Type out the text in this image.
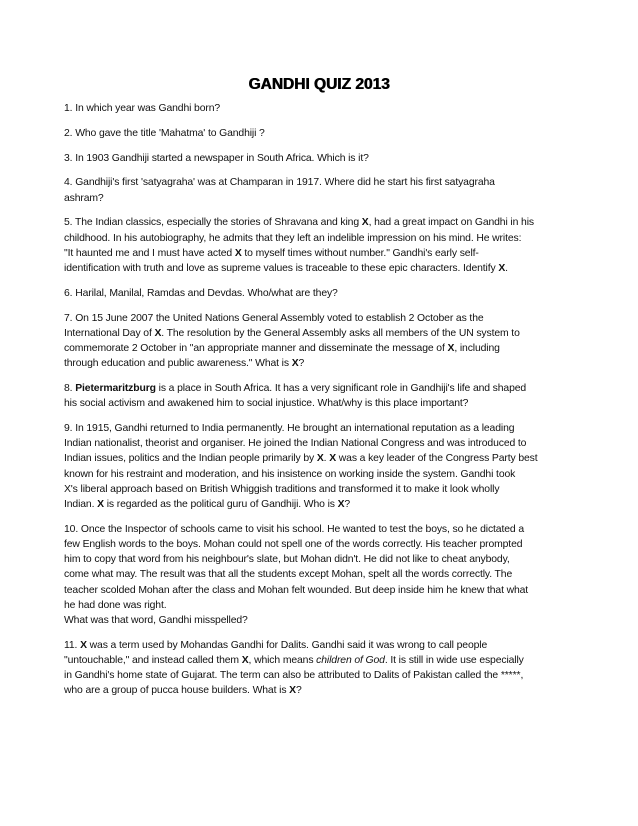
GANDHI QUIZ 2013
1. In which year was Gandhi born?
2. Who gave the title 'Mahatma' to Gandhiji ?
3. In 1903 Gandhiji started a newspaper in South Africa. Which is it?
4. Gandhiji's first 'satyagraha' was at Champaran in 1917. Where did he start his first satyagraha
ashram?
5. The Indian classics, especially the stories of Shravana and king X, had a great impact on Gandhi in his
childhood. In his autobiography, he admits that they left an indelible impression on his mind. He writes:
"It haunted me and I must have acted X to myself times without number." Gandhi's early self-
identification with truth and love as supreme values is traceable to these epic characters. Identify X.
6. Harilal, Manilal, Ramdas and Devdas. Who/what are they?
7. On 15 June 2007 the United Nations General Assembly voted to establish 2 October as the
International Day of X. The resolution by the General Assembly asks all members of the UN system to
commemorate 2 October in "an appropriate manner and disseminate the message of X, including
through education and public awareness." What is X?
8. Pietermaritzburg is a place in South Africa. It has a very significant role in Gandhiji's life and shaped
his social activism and awakened him to social injustice. What/why is this place important?
9. In 1915, Gandhi returned to India permanently. He brought an international reputation as a leading
Indian nationalist, theorist and organiser. He joined the Indian National Congress and was introduced to
Indian issues, politics and the Indian people primarily by X. X was a key leader of the Congress Party best
known for his restraint and moderation, and his insistence on working inside the system. Gandhi took
X's liberal approach based on British Whiggish traditions and transformed it to make it look wholly
Indian. X is regarded as the political guru of Gandhiji. Who is X?
10. Once the Inspector of schools came to visit his school. He wanted to test the boys, so he dictated a
few English words to the boys. Mohan could not spell one of the words correctly. His teacher prompted
him to copy that word from his neighbour's slate, but Mohan didn't. He did not like to cheat anybody,
come what may. The result was that all the students except Mohan, spelt all the words correctly. The
teacher scolded Mohan after the class and Mohan felt wounded. But deep inside him he knew that what
he had done was right.
What was that word, Gandhi misspelled?
11. X was a term used by Mohandas Gandhi for Dalits. Gandhi said it was wrong to call people
"untouchable," and instead called them X, which means children of God. It is still in wide use especially
in Gandhi's home state of Gujarat. The term can also be attributed to Dalits of Pakistan called the *****,
who are a group of pucca house builders. What is X?
